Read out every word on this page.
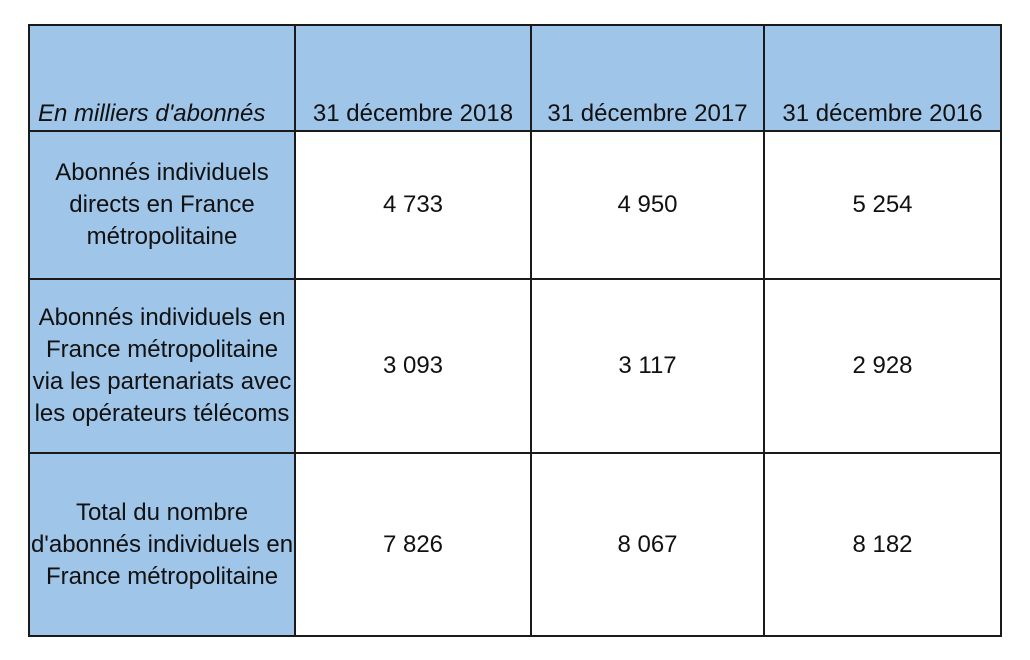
En milliers d'abonnés	31 décembre 2018	31 décembre 2017	31 décembre 2016
Abonnés individuels directs en France métropolitaine	4 733	4 950	5 254
Abonnés individuels en France métropolitaine via les partenariats avec les opérateurs télécoms	3 093	3 117	2 928
Total du nombre d'abonnés individuels en France métropolitaine	7 826	8 067	8 182
